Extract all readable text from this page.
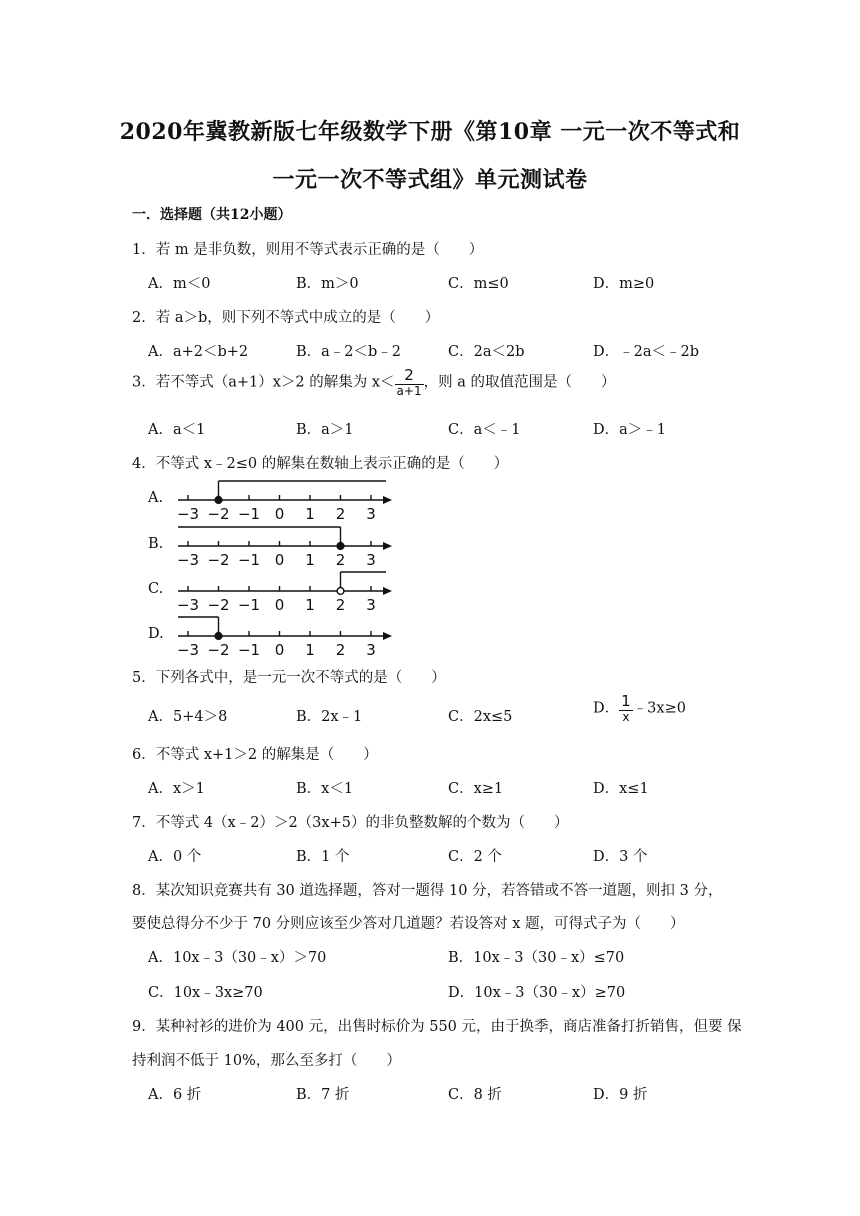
2020年冀教新版七年级数学下册《第10章 一元一次不等式和
一元一次不等式组》单元测试卷
一．选择题（共12小题）
1．若 m 是非负数，则用不等式表示正确的是（　　）
A．m＜0	B．m＞0	C．m≤0	D．m≥0
2．若 a＞b，则下列不等式中成立的是（　　）
A．a+2＜b+2	B．a﹣2＜b﹣2	C．2a＜2b	D．﹣2a＜﹣2b
3．若不等式（a+1）x＞2 的解集为 $x< \frac{2}{a+1}$ ，则 a 的取值范围是（　　）
A．a＜1	B．a＞1	C．a＜﹣1	D．a＞﹣1
4．不等式 x﹣2≤0 的解集在数轴上表示正确的是（　　）
A.
B.
C.
D.
−3 −2 −1 0 1 2 3
−3 −2 −1 0 1 2 3
−3 −2 −1 0 1 2 3
−3 −2 −1 0 1 2 3
5．下列各式中，是一元一次不等式的是（　　）
A．5+4＞8	B．2x﹣1	C．2x≤5
D． $\frac{1}{x}$ ﹣3x≥0
6．不等式 x+1＞2 的解集是（　　）
A．x＞1	B．x＜1	C．x≥1	D．x≤1
7．不等式 4（x﹣2）＞2（3x+5）的非负整数解的个数为（　　）
A．0 个	B．1 个	C．2 个	D．3 个
8．某次知识竞赛共有 30 道选择题，答对一题得 10 分，若答错或不答一道题，则扣 3 分，
要使总得分不少于 70 分则应该至少答对几道题？若设答对 x 题，可得式子为（　　）
A．10x﹣3（30﹣x）＞70	B．10x﹣3（30﹣x）≤70
C．10x﹣3x≥70	D．10x﹣3（30﹣x）≥70
9．某种衬衫的进价为 400 元，出售时标价为 550 元，由于换季，商店准备打折销售，但要 保
持利润不低于 10%，那么至多打（　　）
A．6 折	B．7 折	C．8 折	D．9 折
